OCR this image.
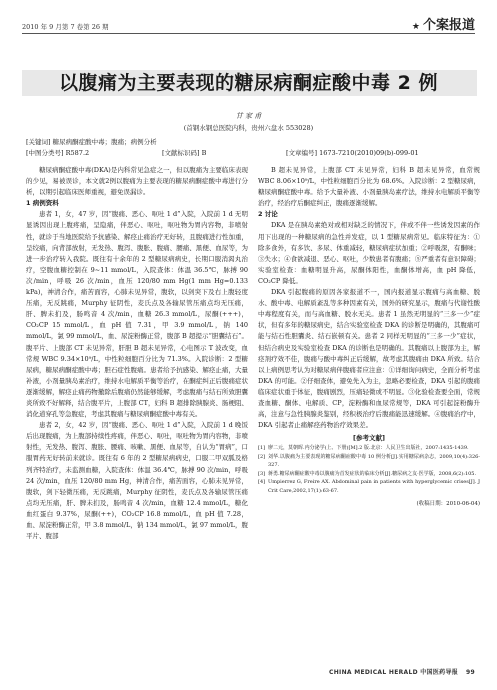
2010 年 9 月第 7 卷第 26 期	★ 个案报道
以腹痛为主要表现的糖尿病酮症酸中毒 2 例
甘 家 甫
(首钢水钢总医院内科，贵州六盘水 553028)
[关键词] 糖尿病酮症酸中毒；腹痛；病例分析
[中图分类号] R587.2	[文献标识码] B	[文章编号] 1673-7210(2010)09(b)-099-01

糖尿病酮症酸中毒(DKA)是内科常见急症之一，但以腹痛为主要临床表现的少见，易被误诊，本文就2例以腹痛为主要表现的糖尿病酮症酸中毒进行分析，以期引起临床医师重视，避免误漏诊。

1 病例资料

患者 1，女，47 岁，因“腹痛、恶心、呕吐 1 d”入院，入院前 1 d 无明显诱因出现上腹疼痛，呈隐痛，伴恶心、呕吐，呕吐物为胃内容物，非喷射性，就诊于当地医院给予抗感染、解痉止痛治疗无好转，且腹痛进行性加重，呈绞痛，向背部放射，无发热、腹泻、腹胀、腹痛、腰痛、黑便、血尿等，为进一步治疗转入我院。既往有十余年的 2 型糖尿病病史，长期口服消渴丸治疗，空腹血糖控制在 9~11 mmol/L，入院查体：体温 36.5℃，脉搏 90 次/min，呼吸 26 次/min，血压 120/80 mm Hg(1 mm Hg=0.133 kPa)，神清合作，痛苦面容，心肺未见异常，腹软，以剑突下及右上腹轻度压痛，无反跳痛，Murphy 征阴性，麦氏点及各输尿管压痛点均无压痛，肝、脾未扪及，肠鸣音 4 次/min，血糖 26.3 mmol/L，尿酮(+++)，CO₂CP 15 mmol/L，血 pH 值 7.31，甲 3.9 mmol/L，钠 140 mmol/L，氯 99 mmol/L，血、尿淀粉酶正常，腹部 B 超提示“胆囊结石”。腹平片、上腹部 CT 未见异常，肝胆 B 超未见异常，心电图示 T 波改变，血常规 WBC 9.34×10⁹/L，中性粒细胞百分比为 71.3%。入院诊断：2 型糖尿病，糖尿病酮症酸中毒；胆石症性腹痛。患者给予抗感染、解痉止痛，大量补液，小剂量胰岛素治疗，维持水电解质平衡等治疗，在酮症纠正后腹痛症状逐渐缓解，解痉止痛药物撤除后腹痛仍然能够缓解，考虑腹痛与结石所致胆囊炎所致不好解释，结合腹平片，上腹部 CT，妇科 B 超排除胰腺炎、肠梗阻、消化道穿孔等急腹症，考虑其腹痛与糖尿病酮症酸中毒有关。

患者 2，女，42 岁，因“腹痛、恶心、呕吐 1 d”入院，入院前 1 d 晚饭后出现腹痛，为上腹部持续性疼痛，伴恶心、呕吐，呕吐物为胃内容物，非喷射性，无发热、腹泻、腹胀、腰痛、咳嗽、黑便、血尿等，自认为“胃病”，口服胃药无好转前来就诊。既往有 6 年的 2 型糖尿病病史，口服二甲双胍及格列齐特治疗，未监测血糖，入院查体：体温 36.4℃，脉搏 90 次/min，呼吸 24 次/min，血压 120/80 mm Hg，神清合作，痛苦面容，心肺未见异常，腹软，剑下轻微压痛，无反跳痛，Murphy 征阴性，麦氏点及各输尿管压痛点均无压痛，肝、脾未扪及，肠鸣音 4 次/min，血糖 12.4 mmol/L，糖化血红蛋白 9.37%，尿酮(++)，CO₂CP 16.8 mmol/L，血 pH 值 7.28，血、尿淀粉酶正常，甲 3.8 mmol/L，钠 134 mmol/L，氯 97 mmol/L，腹平片、腹部

B 超未见异常，上腹部 CT 未见异常，妇科 B 超未见异常，血常规 WBC 8.06×10⁹/L，中性粒细胞百分比为 68.6%。入院诊断：2 型糖尿病，糖尿病酮症酸中毒。给予大量补液、小剂量胰岛素疗法，维持水电解质平衡等治疗，经治疗后酮症纠正，腹痛逐渐缓解。

2 讨论

DKA 是在胰岛素绝对或相对缺乏的情况下，伴或不伴一些诱发因素的作用下出现的一种糖尿病的急性并发症，以 1 型糖尿病常见。临床特征为：①除多食外，有多饮、多尿、体重减轻，糖尿病症状加重；②呼吸深，有酮味；③失水；④食欲减退、恶心、呕吐，少数患者有腹痛；⑤严重者有意识障碍；实验室检查：血糖明显升高，尿酮体阳性，血酮体增高，血 pH 降低，CO₂CP 降低。

DKA 引起腹痛的原因各家报道不一，国内报道显示腹痛与高血糖、脱水、酸中毒、电解质紊乱等多种因素有关，国外的研究显示，腹痛与代谢性酸中毒程度有关，而与高血糖、脱水无关。患者 1 虽然无明显的“三多一少”症状，但有多年的糖尿病史，结合实验室检查 DKA 的诊断是明确的，其腹痛可能与结石性胆囊炎、结石嵌顿有关。患者 2 同样无明显的“三多一少”症状，但结合病史及实验室检查 DKA 的诊断也是明确的。其腹痛以上腹部为主，解痉剂疗效不佳，腹痛与酸中毒纠正后缓解，故考虑其腹痛由 DKA 所致。结合以上病例思考认为对糖尿病伴腹痛者应注意：①详细询问病史，全面分析考虑 DKA 的可能。②仔细查体，避免先入为主，忽略必要检查，DKA 引起的腹痛临床症状重于体征，腹痛剧烈，压痛轻微或不明显。③化验检查要全面，常规查血糖、酮体、电解质、CP，淀粉酶和血尿常规等，DKA 可引起淀粉酶升高，注意与急性胰腺炎鉴别，经积极治疗后腹痛能迅速缓解。④腹痛治疗中，DKA 引起者止痛解痉药物治疗效果差。

[参考文献]

[1] 廖二元，莫朝晖.内分泌学(上、下册)[M].2 版.北京：人民卫生出版社，2007:1435-1439.

[2] 刘华.以腹痛为主要表现的糖尿病酮症酸中毒 10 例分析[J].实用糖尿病杂志，2009,10(4):326-327.

[3] 蒋勇.糖尿病酮症酸中毒以腹痛为首发症状的临床分析[J].糖尿病之友·医学版，2008,6(2):105.

[4] Umpierrez G, Freire AX. Abdominal pain in patients with hyperglycemic crises[J]. J Crit Care,2002,17(1):63-67.

(收稿日期：2010-06-04)

CHINA MEDICAL HERALD 中国医药导报 99
